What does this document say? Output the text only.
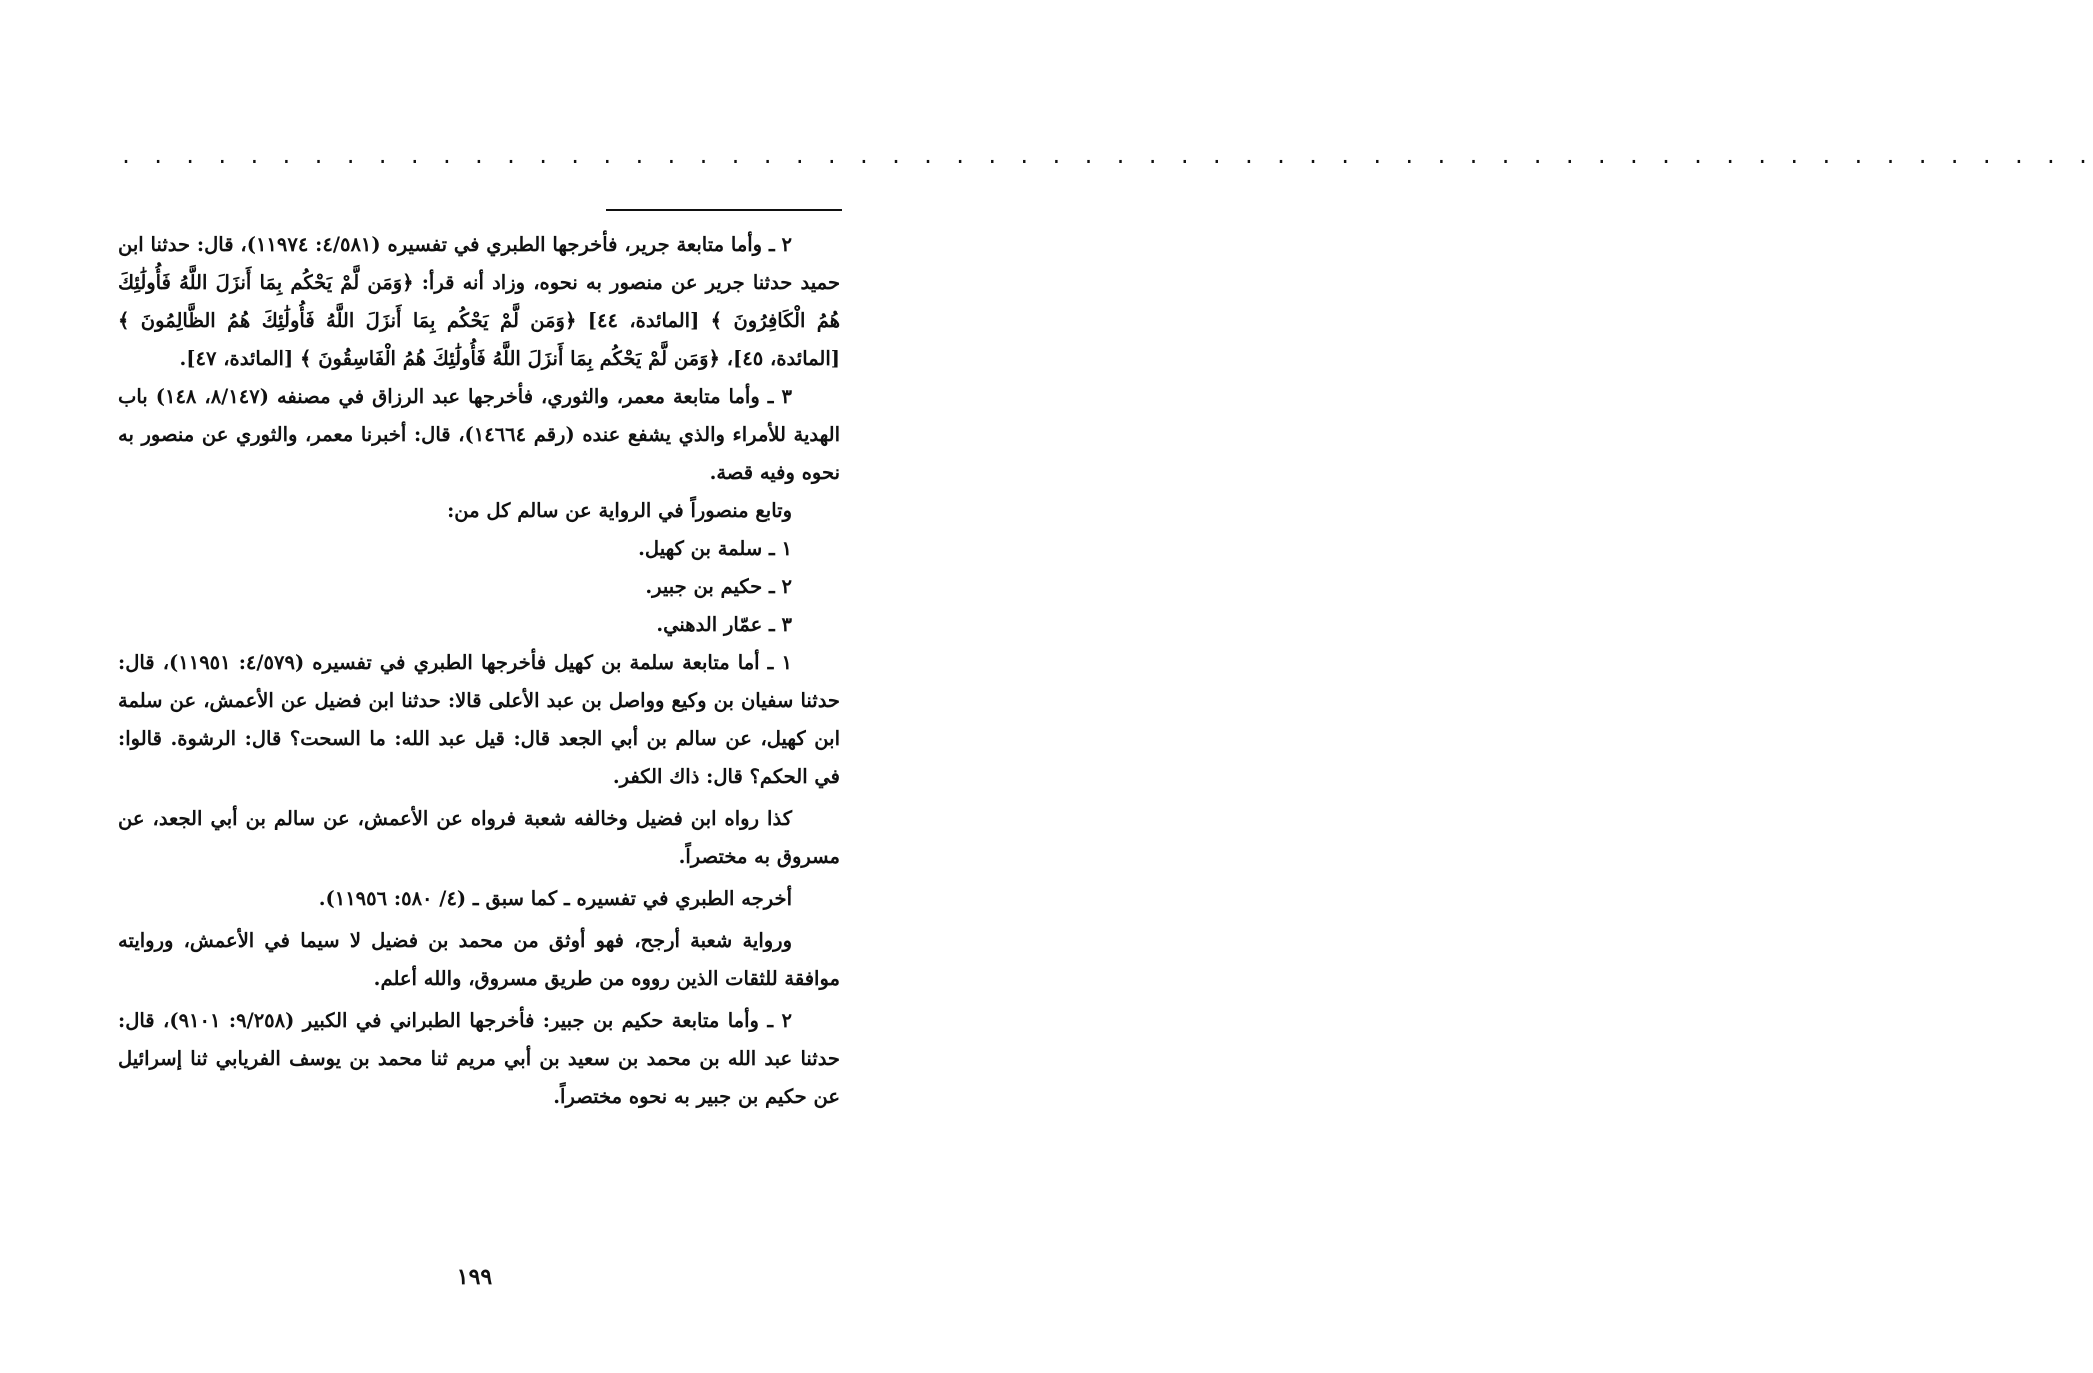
. . . . . . . . . . . . . . . . . . . . . . . . . . . . . . . . . . . . . . . . . . . . . . . . . . . . . . . . . . . . . .

٢ ـ وأما متابعة جرير، فأخرجها الطبري في تفسيره (٤/٥٨١: ١١٩٧٤)، قال: حدثنا ابن حميد حدثنا جرير عن منصور به نحوه، وزاد أنه قرأ: ﴿وَمَن لَّمْ يَحْكُم بِمَا أَنزَلَ اللَّهُ فَأُولَٰئِكَ هُمُ الْكَافِرُونَ ﴾ [المائدة، ٤٤] ﴿وَمَن لَّمْ يَحْكُم بِمَا أَنزَلَ اللَّهُ فَأُولَٰئِكَ هُمُ الظَّالِمُونَ ﴾ [المائدة، ٤٥]، ﴿وَمَن لَّمْ يَحْكُم بِمَا أَنزَلَ اللَّهُ فَأُولَٰئِكَ هُمُ الْفَاسِقُونَ ﴾ [المائدة، ٤٧].

٣ ـ وأما متابعة معمر، والثوري، فأخرجها عبد الرزاق في مصنفه (٨/١٤٧، ١٤٨) باب الهدية للأمراء والذي يشفع عنده (رقم ١٤٦٦٤)، قال: أخبرنا معمر، والثوري عن منصور به نحوه وفيه قصة.

وتابع منصوراً في الرواية عن سالم كل من:

١ ـ سلمة بن كهيل.

٢ ـ حكيم بن جبير.

٣ ـ عمّار الدهني.

١ ـ أما متابعة سلمة بن كهيل فأخرجها الطبري في تفسيره (٤/٥٧٩: ١١٩٥١)، قال: حدثنا سفيان بن وكيع وواصل بن عبد الأعلى قالا: حدثنا ابن فضيل عن الأعمش، عن سلمة ابن كهيل، عن سالم بن أبي الجعد قال: قيل عبد الله: ما السحت؟ قال: الرشوة. قالوا: في الحكم؟ قال: ذاك الكفر.

كذا رواه ابن فضيل وخالفه شعبة فرواه عن الأعمش، عن سالم بن أبي الجعد، عن مسروق به مختصراً.

أخرجه الطبري في تفسيره ـ كما سبق ـ (٤/ ٥٨٠: ١١٩٥٦).

ورواية شعبة أرجح، فهو أوثق من محمد بن فضيل لا سيما في الأعمش، وروايته موافقة للثقات الذين رووه من طريق مسروق، والله أعلم.

٢ ـ وأما متابعة حكيم بن جبير: فأخرجها الطبراني في الكبير (٩/٢٥٨: ٩١٠١)، قال: حدثنا عبد الله بن محمد بن سعيد بن أبي مريم ثنا محمد بن يوسف الفريابي ثنا إسرائيل عن حكيم بن جبير به نحوه مختصراً.

١٩٩
